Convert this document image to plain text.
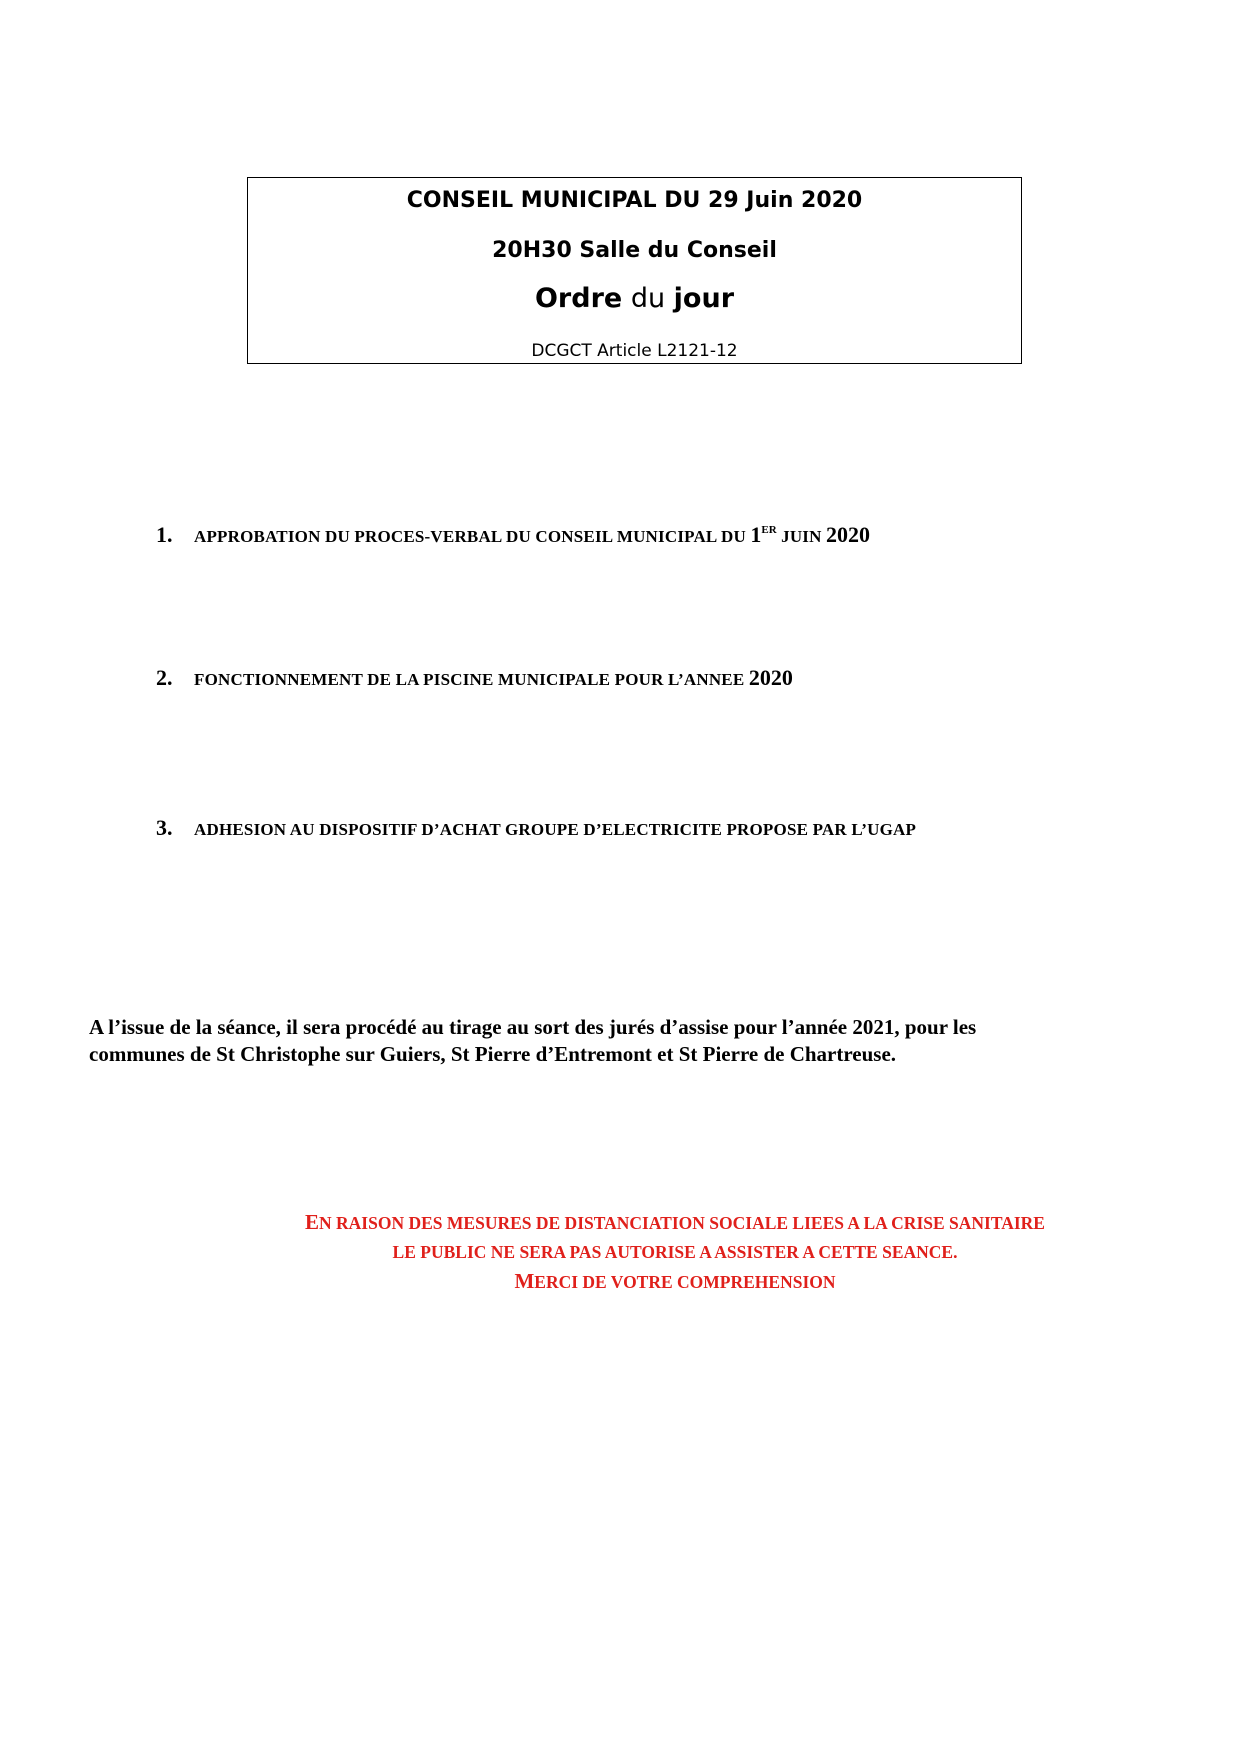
CONSEIL MUNICIPAL DU 29 Juin 2020
20H30 Salle du Conseil
Ordre du jour
DCGCT Article L2121-12
1. APPROBATION DU PROCES-VERBAL DU CONSEIL MUNICIPAL DU 1ER JUIN 2020
2. FONCTIONNEMENT DE LA PISCINE MUNICIPALE POUR L’ANNEE 2020
3. ADHESION AU DISPOSITIF D’ACHAT GROUPE D’ELECTRICITE PROPOSE PAR L’UGAP
A l’issue de la séance, il sera procédé au tirage au sort des jurés d’assise pour l’année 2021, pour les
communes de St Christophe sur Guiers, St Pierre d’Entremont et St Pierre de Chartreuse.
EN RAISON DES MESURES DE DISTANCIATION SOCIALE LIEES A LA CRISE SANITAIRE
LE PUBLIC NE SERA PAS AUTORISE A ASSISTER A CETTE SEANCE.
MERCI DE VOTRE COMPREHENSION
